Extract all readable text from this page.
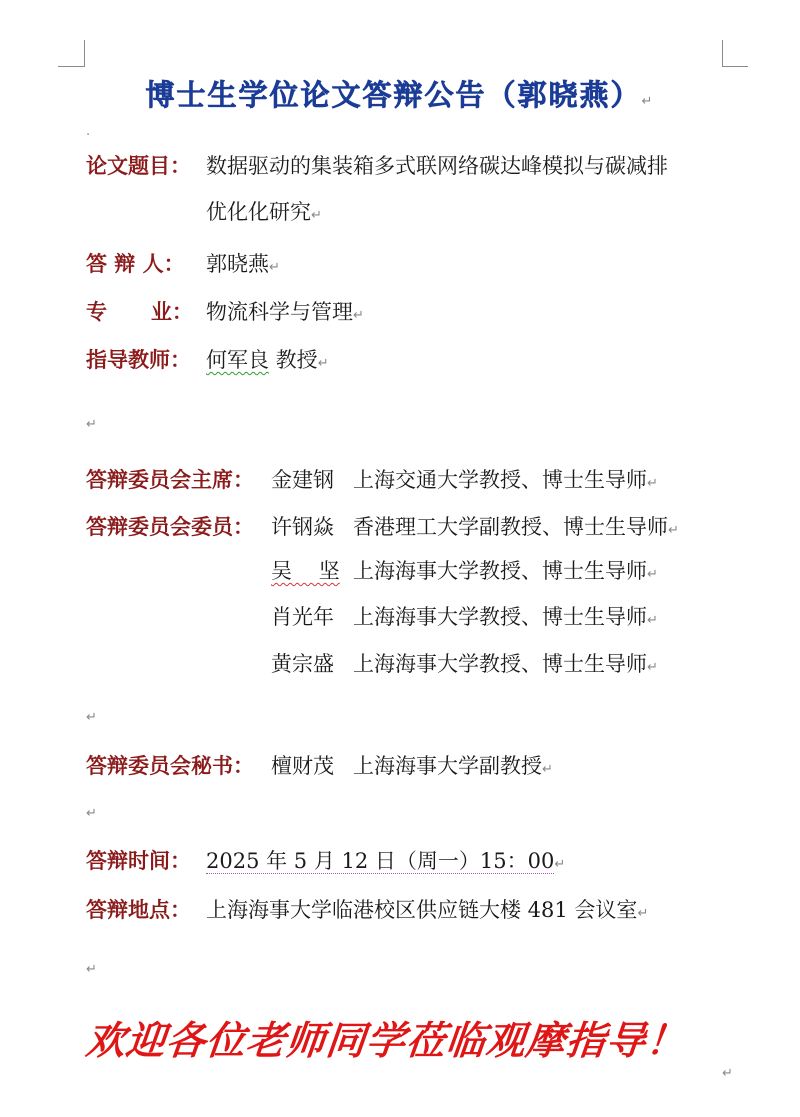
博士生学位论文答辩公告（郭晓燕）↵
.
论文题目： 数据驱动的集装箱多式联网络碳达峰模拟与碳减排
优化化研究↵
答 辩 人： 郭晓燕↵
专      业： 物流科学与管理↵
指导教师： 何军良 教授↵
↵
答辩委员会主席： 金建钢 上海交通大学教授、博士生导师↵
答辩委员会委员： 许钢焱 香港理工大学副教授、博士生导师↵
吴    坚 上海海事大学教授、博士生导师↵
肖光年 上海海事大学教授、博士生导师↵
黄宗盛 上海海事大学教授、博士生导师↵
↵
答辩委员会秘书： 檀财茂 上海海事大学副教授↵
↵
答辩时间： 2025 年 5 月 12 日（周一）15：00↵
答辩地点： 上海海事大学临港校区供应链大楼 481 会议室↵
↵
欢迎各位老师同学莅临观摩指导！
↵
